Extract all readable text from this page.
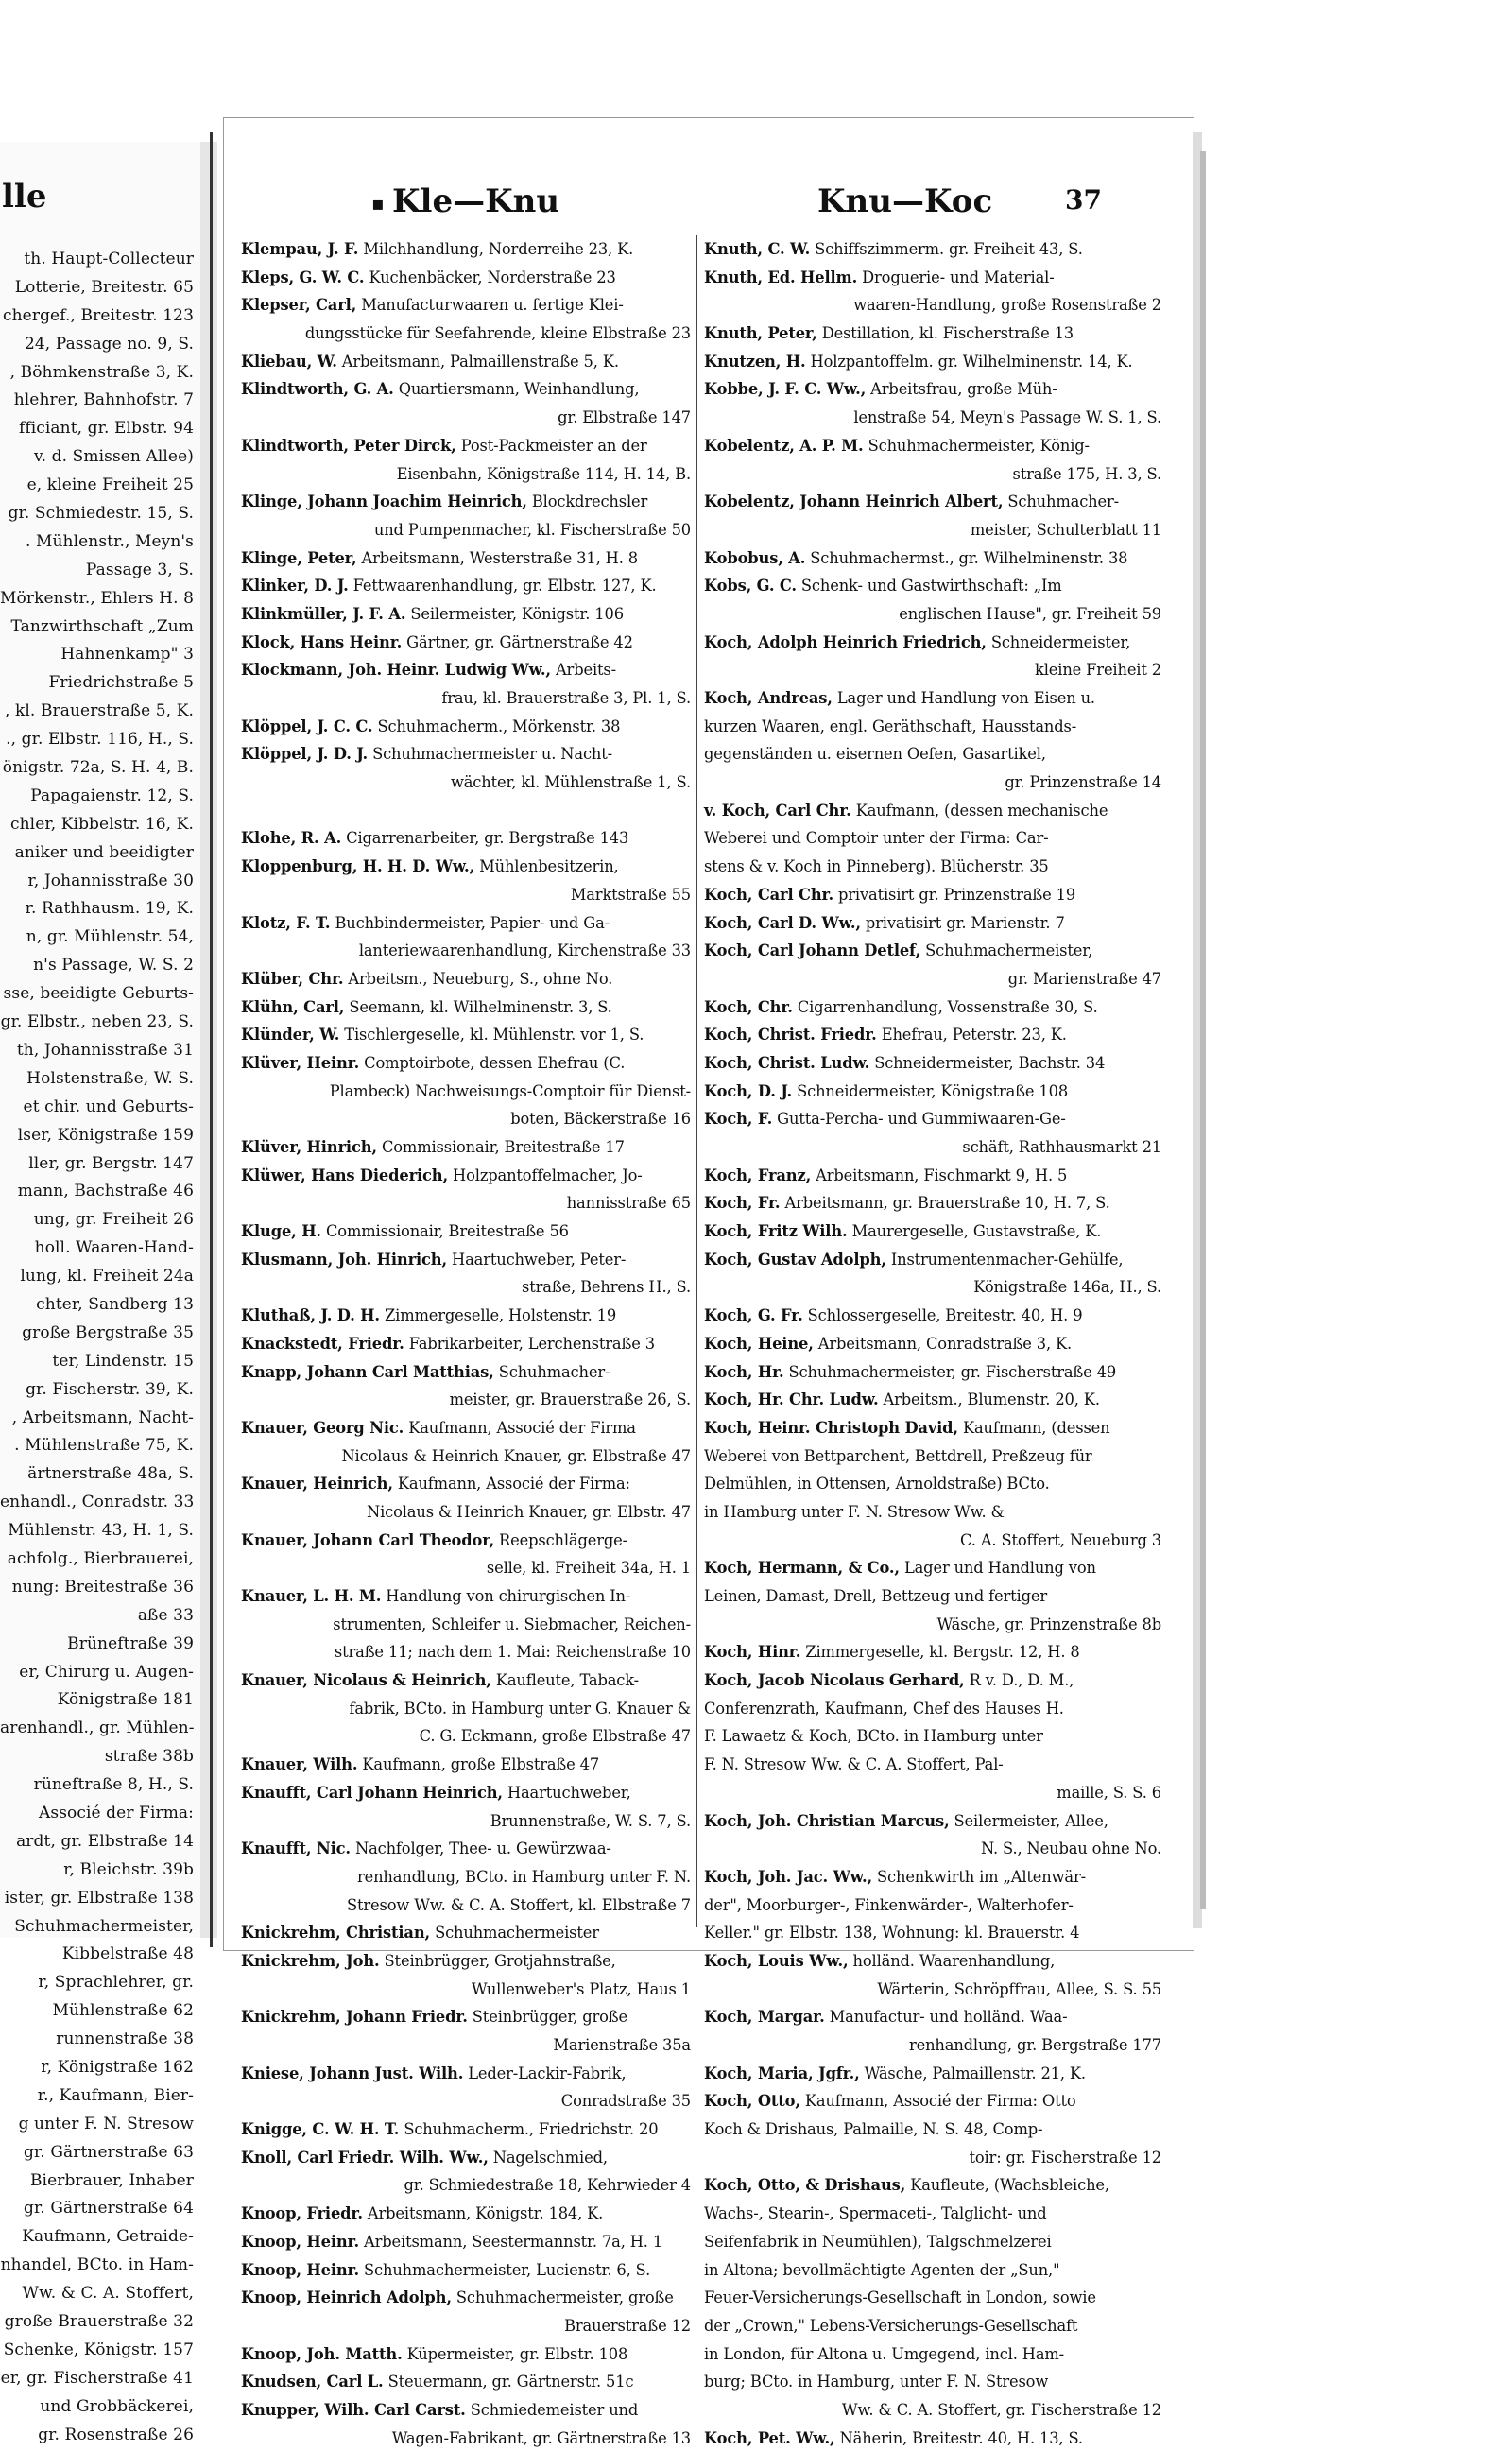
lle
th. Haupt-Collecteur
Lotterie, Breitestr. 65
chergef., Breitestr. 123
24, Passage no. 9, S.
, Böhmkenstraße 3, K.
hlehrer, Bahnhofstr. 7
fficiant, gr. Elbstr. 94
v. d. Smissen Allee)
e, kleine Freiheit 25
gr. Schmiedestr. 15, S.
. Mühlenstr., Meyn's
Passage 3, S.
Mörkenstr., Ehlers H. 8
Tanzwirthschaft „Zum
Hahnenkamp" 3
Friedrichstraße 5
, kl. Brauerstraße 5, K.
., gr. Elbstr. 116, H., S.
önigstr. 72a, S. H. 4, B.
Papagaienstr. 12, S.
chler, Kibbelstr. 16, K.
aniker und beeidigter
r, Johannisstraße 30
r. Rathhausm. 19, K.
n, gr. Mühlenstr. 54,
n's Passage, W. S. 2
sse, beeidigte Geburts-
gr. Elbstr., neben 23, S.
th, Johannisstraße 31
Holstenstraße, W. S.
et chir. und Geburts-
lser, Königstraße 159
ller, gr. Bergstr. 147
mann, Bachstraße 46
ung, gr. Freiheit 26
holl. Waaren-Hand-
lung, kl. Freiheit 24a
chter, Sandberg 13
große Bergstraße 35
ter, Lindenstr. 15
gr. Fischerstr. 39, K.
, Arbeitsmann, Nacht-
. Mühlenstraße 75, K.
ärtnerstraße 48a, S.
enhandl., Conradstr. 33
Mühlenstr. 43, H. 1, S.
achfolg., Bierbrauerei,
nung: Breitestraße 36
aße 33
Brüneftraße 39
er, Chirurg u. Augen-
Königstraße 181
arenhandl., gr. Mühlen-
straße 38b
rüneftraße 8, H., S.
Associé der Firma:
ardt, gr. Elbstraße 14
r, Bleichstr. 39b
ister, gr. Elbstraße 138
Schuhmachermeister,
Kibbelstraße 48
r, Sprachlehrer, gr.
Mühlenstraße 62
runnenstraße 38
r, Königstraße 162
r., Kaufmann, Bier-
g unter F. N. Stresow
gr. Gärtnerstraße 63
Bierbrauer, Inhaber
gr. Gärtnerstraße 64
Kaufmann, Getraide-
nhandel, BCto. in Ham-
Ww. & C. A. Stoffert,
große Brauerstraße 32
Schenke, Königstr. 157
er, gr. Fischerstraße 41
und Grobbäckerei,
gr. Rosenstraße 26
▪ Kle—Knu	Knu—Koc	37
Klempau, J. F. Milchhandlung, Norderreihe 23, K.
Kleps, G. W. C. Kuchenbäcker, Norderstraße 23
Klepser, Carl, Manufacturwaaren u. fertige Klei-
dungsstücke für Seefahrende, kleine Elbstraße 23
Kliebau, W. Arbeitsmann, Palmaillenstraße 5, K.
Klindtworth, G. A. Quartiersmann, Weinhandlung,
gr. Elbstraße 147
Klindtworth, Peter Dirck, Post-Packmeister an der
Eisenbahn, Königstraße 114, H. 14, B.
Klinge, Johann Joachim Heinrich, Blockdrechsler
und Pumpenmacher, kl. Fischerstraße 50
Klinge, Peter, Arbeitsmann, Westerstraße 31, H. 8
Klinker, D. J. Fettwaarenhandlung, gr. Elbstr. 127, K.
Klinkmüller, J. F. A. Seilermeister, Königstr. 106
Klock, Hans Heinr. Gärtner, gr. Gärtnerstraße 42
Klockmann, Joh. Heinr. Ludwig Ww., Arbeits-
frau, kl. Brauerstraße 3, Pl. 1, S.
Klöppel, J. C. C. Schuhmacherm., Mörkenstr. 38
Klöppel, J. D. J. Schuhmachermeister u. Nacht-
wächter, kl. Mühlenstraße 1, S.

Klohe, R. A. Cigarrenarbeiter, gr. Bergstraße 143
Kloppenburg, H. H. D. Ww., Mühlenbesitzerin,
Marktstraße 55
Klotz, F. T. Buchbindermeister, Papier- und Ga-
lanteriewaarenhandlung, Kirchenstraße 33
Klüber, Chr. Arbeitsm., Neueburg, S., ohne No.
Klühn, Carl, Seemann, kl. Wilhelminenstr. 3, S.
Klünder, W. Tischlergeselle, kl. Mühlenstr. vor 1, S.
Klüver, Heinr. Comptoirbote, dessen Ehefrau (C.
Plambeck) Nachweisungs-Comptoir für Dienst-
boten, Bäckerstraße 16
Klüver, Hinrich, Commissionair, Breitestraße 17
Klüwer, Hans Diederich, Holzpantoffelmacher, Jo-
hannisstraße 65
Kluge, H. Commissionair, Breitestraße 56
Klusmann, Joh. Hinrich, Haartuchweber, Peter-
straße, Behrens H., S.
Kluthaß, J. D. H. Zimmergeselle, Holstenstr. 19
Knackstedt, Friedr. Fabrikarbeiter, Lerchenstraße 3
Knapp, Johann Carl Matthias, Schuhmacher-
meister, gr. Brauerstraße 26, S.
Knauer, Georg Nic. Kaufmann, Associé der Firma
Nicolaus & Heinrich Knauer, gr. Elbstraße 47
Knauer, Heinrich, Kaufmann, Associé der Firma:
Nicolaus & Heinrich Knauer, gr. Elbstr. 47
Knauer, Johann Carl Theodor, Reepschlägerge-
selle, kl. Freiheit 34a, H. 1
Knauer, L. H. M. Handlung von chirurgischen In-
strumenten, Schleifer u. Siebmacher, Reichen-
straße 11; nach dem 1. Mai: Reichenstraße 10
Knauer, Nicolaus & Heinrich, Kaufleute, Taback-
fabrik, BCto. in Hamburg unter G. Knauer &
C. G. Eckmann, große Elbstraße 47
Knauer, Wilh. Kaufmann, große Elbstraße 47
Knaufft, Carl Johann Heinrich, Haartuchweber,
Brunnenstraße, W. S. 7, S.
Knaufft, Nic. Nachfolger, Thee- u. Gewürzwaa-
renhandlung, BCto. in Hamburg unter F. N.
Stresow Ww. & C. A. Stoffert, kl. Elbstraße 7
Knickrehm, Christian, Schuhmachermeister
Knickrehm, Joh. Steinbrügger, Grotjahnstraße,
Wullenweber's Platz, Haus 1
Knickrehm, Johann Friedr. Steinbrügger, große
Marienstraße 35a
Kniese, Johann Just. Wilh. Leder-Lackir-Fabrik,
Conradstraße 35
Knigge, C. W. H. T. Schuhmacherm., Friedrichstr. 20
Knoll, Carl Friedr. Wilh. Ww., Nagelschmied,
gr. Schmiedestraße 18, Kehrwieder 4
Knoop, Friedr. Arbeitsmann, Königstr. 184, K.
Knoop, Heinr. Arbeitsmann, Seestermannstr. 7a, H. 1
Knoop, Heinr. Schuhmachermeister, Lucienstr. 6, S.
Knoop, Heinrich Adolph, Schuhmachermeister, große
Brauerstraße 12
Knoop, Joh. Matth. Küpermeister, gr. Elbstr. 108
Knudsen, Carl L. Steuermann, gr. Gärtnerstr. 51c
Knupper, Wilh. Carl Carst. Schmiedemeister und
Wagen-Fabrikant, gr. Gärtnerstraße 13
Knuth, C. W. Schiffszimmerm. gr. Freiheit 43, S.
Knuth, Ed. Hellm. Droguerie- und Material-
waaren-Handlung, große Rosenstraße 2
Knuth, Peter, Destillation, kl. Fischerstraße 13
Knutzen, H. Holzpantoffelm. gr. Wilhelminenstr. 14, K.
Kobbe, J. F. C. Ww., Arbeitsfrau, große Müh-
lenstraße 54, Meyn's Passage W. S. 1, S.
Kobelentz, A. P. M. Schuhmachermeister, König-
straße 175, H. 3, S.
Kobelentz, Johann Heinrich Albert, Schuhmacher-
meister, Schulterblatt 11
Kobobus, A. Schuhmachermst., gr. Wilhelminenstr. 38
Kobs, G. C. Schenk- und Gastwirthschaft: „Im
englischen Hause", gr. Freiheit 59
Koch, Adolph Heinrich Friedrich, Schneidermeister,
kleine Freiheit 2
Koch, Andreas, Lager und Handlung von Eisen u.
kurzen Waaren, engl. Geräthschaft, Hausstands-
gegenständen u. eisernen Oefen, Gasartikel,
gr. Prinzenstraße 14
v. Koch, Carl Chr. Kaufmann, (dessen mechanische
Weberei und Comptoir unter der Firma: Car-
stens & v. Koch in Pinneberg). Blücherstr. 35
Koch, Carl Chr. privatisirt gr. Prinzenstraße 19
Koch, Carl D. Ww., privatisirt gr. Marienstr. 7
Koch, Carl Johann Detlef, Schuhmachermeister,
gr. Marienstraße 47
Koch, Chr. Cigarrenhandlung, Vossenstraße 30, S.
Koch, Christ. Friedr. Ehefrau, Peterstr. 23, K.
Koch, Christ. Ludw. Schneidermeister, Bachstr. 34
Koch, D. J. Schneidermeister, Königstraße 108
Koch, F. Gutta-Percha- und Gummiwaaren-Ge-
schäft, Rathhausmarkt 21
Koch, Franz, Arbeitsmann, Fischmarkt 9, H. 5
Koch, Fr. Arbeitsmann, gr. Brauerstraße 10, H. 7, S.
Koch, Fritz Wilh. Maurergeselle, Gustavstraße, K.
Koch, Gustav Adolph, Instrumentenmacher-Gehülfe,
Königstraße 146a, H., S.
Koch, G. Fr. Schlossergeselle, Breitestr. 40, H. 9
Koch, Heine, Arbeitsmann, Conradstraße 3, K.
Koch, Hr. Schuhmachermeister, gr. Fischerstraße 49
Koch, Hr. Chr. Ludw. Arbeitsm., Blumenstr. 20, K.
Koch, Heinr. Christoph David, Kaufmann, (dessen
Weberei von Bettparchent, Bettdrell, Preßzeug für
Delmühlen, in Ottensen, Arnoldstraße) BCto.
in Hamburg unter F. N. Stresow Ww. &
C. A. Stoffert, Neueburg 3
Koch, Hermann, & Co., Lager und Handlung von
Leinen, Damast, Drell, Bettzeug und fertiger
Wäsche, gr. Prinzenstraße 8b
Koch, Hinr. Zimmergeselle, kl. Bergstr. 12, H. 8
Koch, Jacob Nicolaus Gerhard, R v. D., D. M.,
Conferenzrath, Kaufmann, Chef des Hauses H.
F. Lawaetz & Koch, BCto. in Hamburg unter
F. N. Stresow Ww. & C. A. Stoffert, Pal-
maille, S. S. 6
Koch, Joh. Christian Marcus, Seilermeister, Allee,
N. S., Neubau ohne No.
Koch, Joh. Jac. Ww., Schenkwirth im „Altenwär-
der", Moorburger-, Finkenwärder-, Walterhofer-
Keller." gr. Elbstr. 138, Wohnung: kl. Brauerstr. 4
Koch, Louis Ww., holländ. Waarenhandlung,
Wärterin, Schröpffrau, Allee, S. S. 55
Koch, Margar. Manufactur- und holländ. Waa-
renhandlung, gr. Bergstraße 177
Koch, Maria, Jgfr., Wäsche, Palmaillenstr. 21, K.
Koch, Otto, Kaufmann, Associé der Firma: Otto
Koch & Drishaus, Palmaille, N. S. 48, Comp-
toir: gr. Fischerstraße 12
Koch, Otto, & Drishaus, Kaufleute, (Wachsbleiche,
Wachs-, Stearin-, Spermaceti-, Talglicht- und
Seifenfabrik in Neumühlen), Talgschmelzerei
in Altona; bevollmächtigte Agenten der „Sun,"
Feuer-Versicherungs-Gesellschaft in London, sowie
der „Crown," Lebens-Versicherungs-Gesellschaft
in London, für Altona u. Umgegend, incl. Ham-
burg; BCto. in Hamburg, unter F. N. Stresow
Ww. & C. A. Stoffert, gr. Fischerstraße 12
Koch, Pet. Ww., Näherin, Breitestr. 40, H. 13, S.
